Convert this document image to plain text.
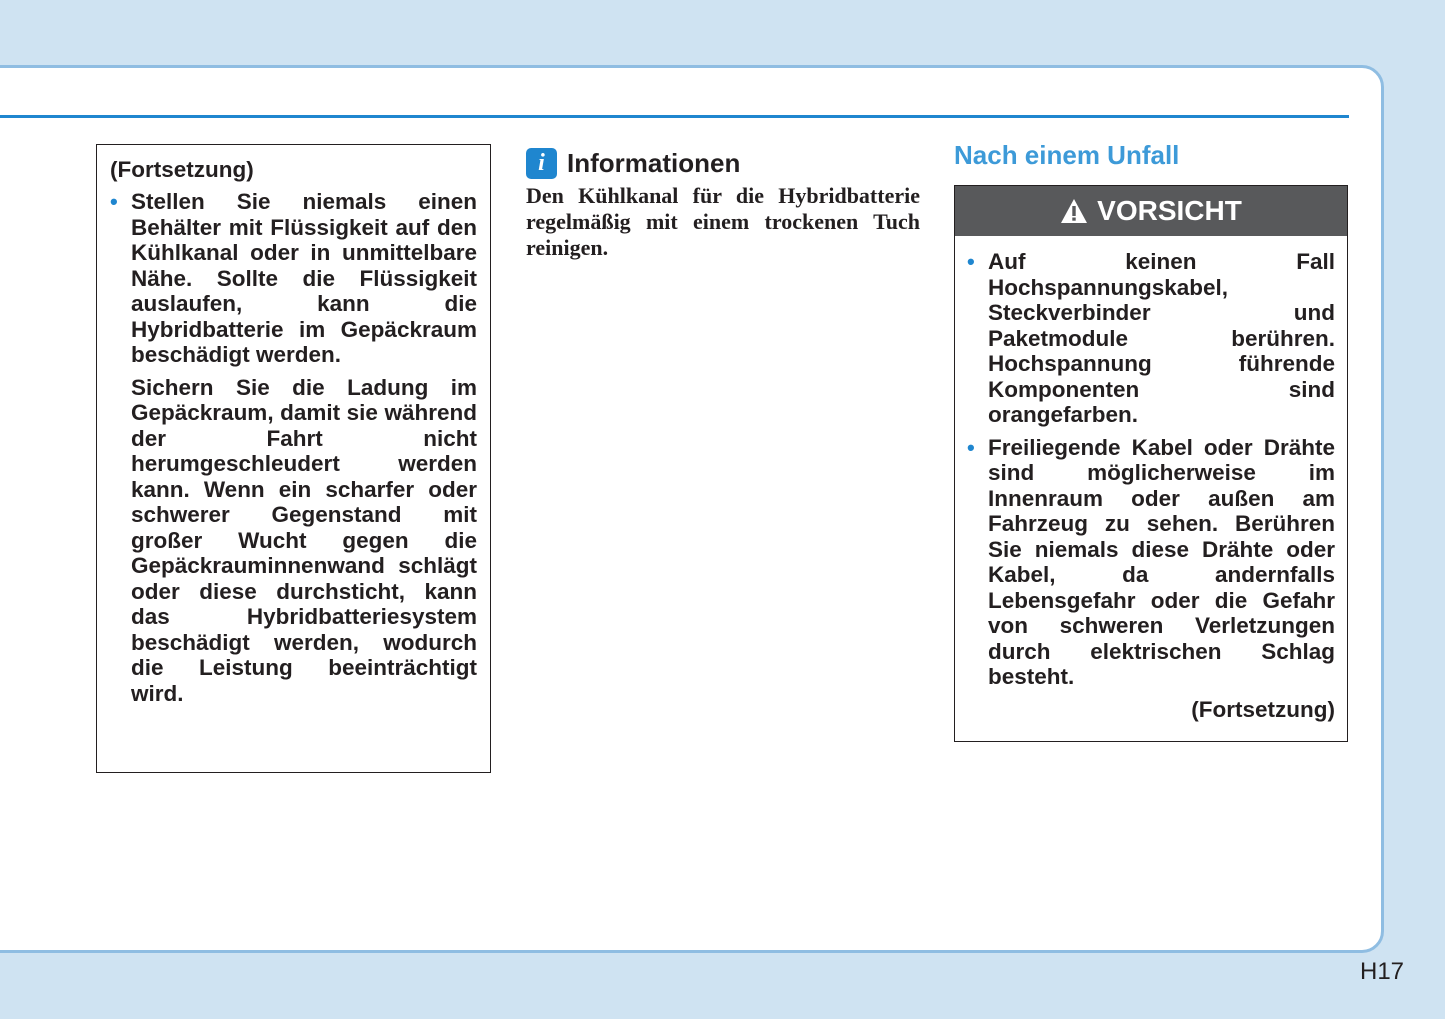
(Fortsetzung)
• Stellen Sie niemals einen Behälter mit Flüssigkeit auf den Kühlkanal oder in unmittelbare Nähe. Sollte die Flüssigkeit auslaufen, kann die Hybridbatterie im Gepäckraum beschädigt werden.
Sichern Sie die Ladung im Gepäckraum, damit sie während der Fahrt nicht herumgeschleudert werden kann. Wenn ein scharfer oder schwerer Gegenstand mit großer Wucht gegen die Gepäckrauminnenwand schlägt oder diese durchsticht, kann das Hybridbatteriesystem beschädigt werden, wodurch die Leistung beeinträchtigt wird.
i Informationen
Den Kühlkanal für die Hybridbatterie regelmäßig mit einem trockenen Tuch reinigen.
Nach einem Unfall
VORSICHT
• Auf keinen Fall Hochspannungskabel, Steckverbinder und Paketmodule berühren. Hochspannung führende Komponenten sind orangefarben.
• Freiliegende Kabel oder Drähte sind möglicherweise im Innenraum oder außen am Fahrzeug zu sehen. Berühren Sie niemals diese Drähte oder Kabel, da andernfalls Lebensgefahr oder die Gefahr von schweren Verletzungen durch elektrischen Schlag besteht.
(Fortsetzung)
H17
